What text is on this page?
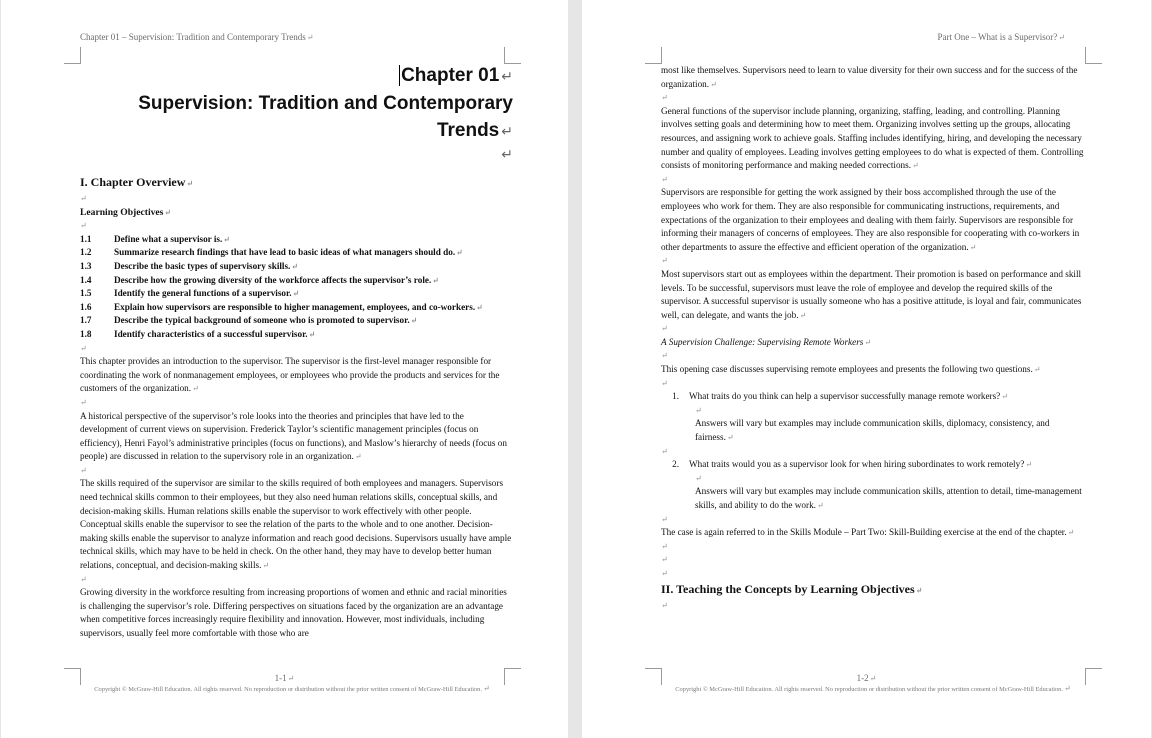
Chapter 01 – Supervision: Tradition and Contemporary Trends↵
Chapter 01 ↵
Supervision: Tradition and Contemporary Trends ↵
↵

I. Chapter Overview↵

↵

Learning Objectives↵

↵
1.1	Define what a supervisor is.↵
1.2	Summarize research findings that have lead to basic ideas of what managers should do.↵
1.3	Describe the basic types of supervisory skills.↵
1.4	Describe how the growing diversity of the workforce affects the supervisor’s role.↵
1.5	Identify the general functions of a supervisor.↵
1.6	Explain how supervisors are responsible to higher management, employees, and co-workers.↵
1.7	Describe the typical background of someone who is promoted to supervisor.↵
1.8	Identify characteristics of a successful supervisor.↵
↵

This chapter provides an introduction to the supervisor. The supervisor is the first-level manager responsible for coordinating the work of nonmanagement employees, or employees who provide the products and services for the customers of the organization.↵

↵

A historical perspective of the supervisor’s role looks into the theories and principles that have led to the development of current views on supervision. Frederick Taylor’s scientific management principles (focus on efficiency), Henri Fayol’s administrative principles (focus on functions), and Maslow’s hierarchy of needs (focus on people) are discussed in relation to the supervisory role in an organization.↵

↵

The skills required of the supervisor are similar to the skills required of both employees and managers. Supervisors need technical skills common to their employees, but they also need human relations skills, conceptual skills, and decision-making skills. Human relations skills enable the supervisor to work effectively with other people. Conceptual skills enable the supervisor to see the relation of the parts to the whole and to one another. Decision-making skills enable the supervisor to analyze information and reach good decisions. Supervisors usually have ample technical skills, which may have to be held in check. On the other hand, they may have to develop better human relations, conceptual, and decision-making skills.↵

↵

Growing diversity in the workforce resulting from increasing proportions of women and ethnic and racial minorities is challenging the supervisor’s role. Differing perspectives on situations faced by the organization are an advantage when competitive forces increasingly require flexibility and innovation. However, most individuals, including supervisors, usually feel more comfortable with those who are

1-1↵
Copyright © McGraw-Hill Education. All rights reserved. No reproduction or distribution without the prior written consent of McGraw-Hill Education.↵
Part One – What is a Supervisor?↵

most like themselves. Supervisors need to learn to value diversity for their own success and for the success of the organization.↵

↵

General functions of the supervisor include planning, organizing, staffing, leading, and controlling. Planning involves setting goals and determining how to meet them. Organizing involves setting up the groups, allocating resources, and assigning work to achieve goals. Staffing includes identifying, hiring, and developing the necessary number and quality of employees. Leading involves getting employees to do what is expected of them. Controlling consists of monitoring performance and making needed corrections.↵

↵

Supervisors are responsible for getting the work assigned by their boss accomplished through the use of the employees who work for them. They are also responsible for communicating instructions, requirements, and expectations of the organization to their employees and dealing with them fairly. Supervisors are responsible for informing their managers of concerns of employees. They are also responsible for cooperating with co-workers in other departments to assure the effective and efficient operation of the organization.↵

↵

Most supervisors start out as employees within the department. Their promotion is based on performance and skill levels. To be successful, supervisors must leave the role of employee and develop the required skills of the supervisor. A successful supervisor is usually someone who has a positive attitude, is loyal and fair, communicates well, can delegate, and wants the job.↵

↵

A Supervision Challenge: Supervising Remote Workers↵

↵

This opening case discusses supervising remote employees and presents the following two questions.↵

↵
1. What traits do you think can help a supervisor successfully manage remote workers?↵
↵

Answers will vary but examples may include communication skills, diplomacy, consistency, and fairness.↵

↵
2. What traits would you as a supervisor look for when hiring subordinates to work remotely?↵
↵

Answers will vary but examples may include communication skills, attention to detail, time-management skills, and ability to do the work.↵

↵

The case is again referred to in the Skills Module – Part Two: Skill-Building exercise at the end of the chapter.↵

↵
↵
↵

II. Teaching the Concepts by Learning Objectives↵

↵
1-2↵
Copyright © McGraw-Hill Education. All rights reserved. No reproduction or distribution without the prior written consent of McGraw-Hill Education.↵
